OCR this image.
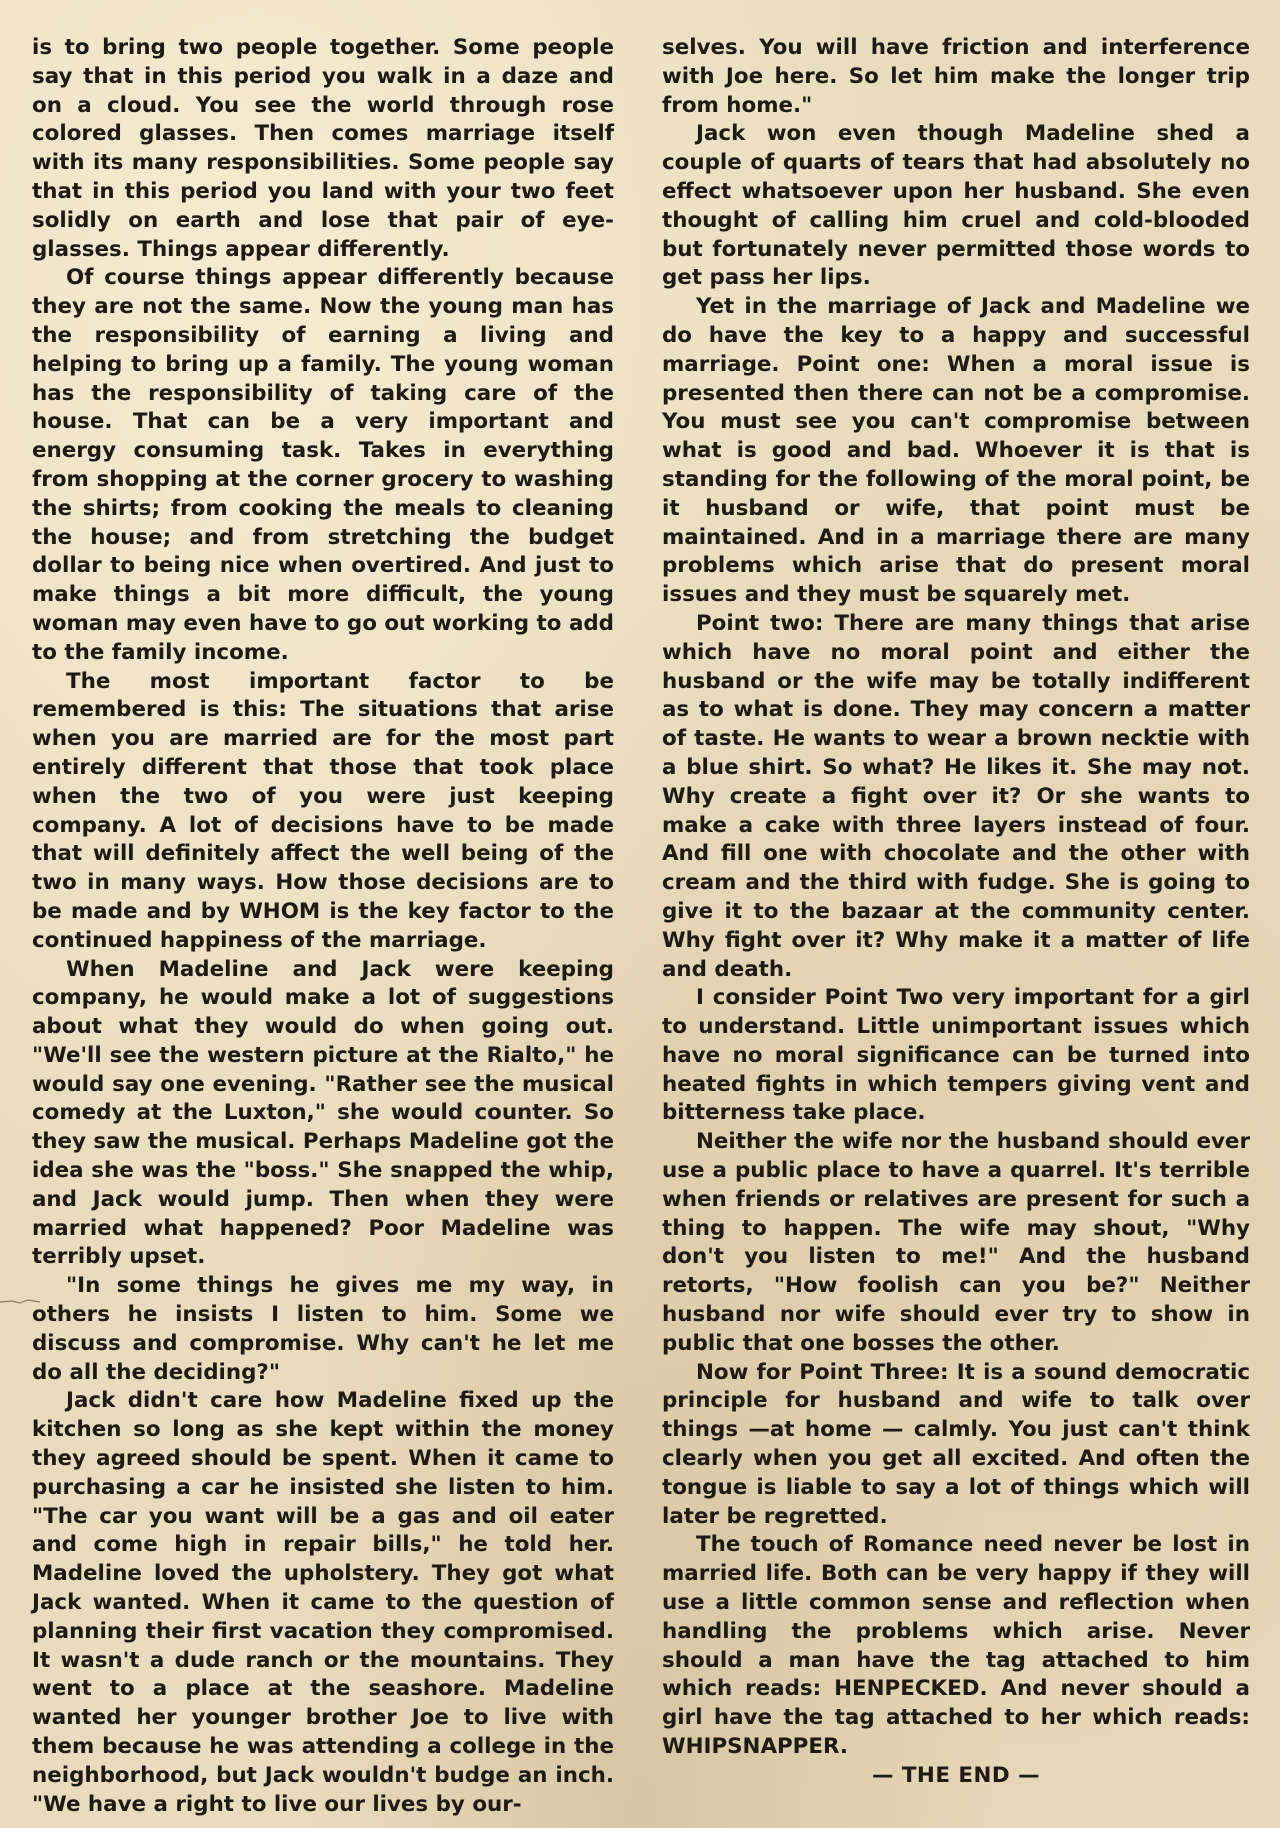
is to bring two people together. Some people say that in this period you walk in a daze and on a cloud. You see the world through rose colored glasses. Then comes marriage itself with its many responsibilities. Some people say that in this period you land with your two feet solidly on earth and lose that pair of eye-glasses. Things appear differently.

Of course things appear differently because they are not the same. Now the young man has the responsibility of earning a living and helping to bring up a family. The young woman has the responsibility of taking care of the house. That can be a very important and energy consuming task. Takes in everything from shopping at the corner grocery to washing the shirts; from cooking the meals to cleaning the house; and from stretching the budget dollar to being nice when overtired. And just to make things a bit more difficult, the young woman may even have to go out working to add to the family income.

The most important factor to be remembered is this: The situations that arise when you are married are for the most part entirely different that those that took place when the two of you were just keeping company. A lot of decisions have to be made that will definitely affect the well being of the two in many ways. How those decisions are to be made and by WHOM is the key factor to the continued happiness of the marriage.

When Madeline and Jack were keeping company, he would make a lot of suggestions about what they would do when going out. "We'll see the western picture at the Rialto," he would say one evening. "Rather see the musical comedy at the Luxton," she would counter. So they saw the musical. Perhaps Madeline got the idea she was the "boss." She snapped the whip, and Jack would jump. Then when they were married what happened? Poor Madeline was terribly upset.

"In some things he gives me my way, in others he insists I listen to him. Some we discuss and compromise. Why can't he let me do all the deciding?"

Jack didn't care how Madeline fixed up the kitchen so long as she kept within the money they agreed should be spent. When it came to purchasing a car he insisted she listen to him. "The car you want will be a gas and oil eater and come high in repair bills," he told her. Madeline loved the upholstery. They got what Jack wanted. When it came to the question of planning their first vacation they compromised. It wasn't a dude ranch or the mountains. They went to a place at the seashore. Madeline wanted her younger brother Joe to live with them because he was attending a college in the neighborhood, but Jack wouldn't budge an inch. "We have a right to live our lives by our-

selves. You will have friction and interference with Joe here. So let him make the longer trip from home."

Jack won even though Madeline shed a couple of quarts of tears that had absolutely no effect whatsoever upon her husband. She even thought of calling him cruel and cold-blooded but fortunately never permitted those words to get pass her lips.

Yet in the marriage of Jack and Madeline we do have the key to a happy and successful marriage. Point one: When a moral issue is presented then there can not be a compromise. You must see you can't compromise between what is good and bad. Whoever it is that is standing for the following of the moral point, be it husband or wife, that point must be maintained. And in a marriage there are many problems which arise that do present moral issues and they must be squarely met.

Point two: There are many things that arise which have no moral point and either the husband or the wife may be totally indifferent as to what is done. They may concern a matter of taste. He wants to wear a brown necktie with a blue shirt. So what? He likes it. She may not. Why create a fight over it? Or she wants to make a cake with three layers instead of four. And fill one with chocolate and the other with cream and the third with fudge. She is going to give it to the bazaar at the community center. Why fight over it? Why make it a matter of life and death.

I consider Point Two very important for a girl to understand. Little unimportant issues which have no moral significance can be turned into heated fights in which tempers giving vent and bitterness take place.

Neither the wife nor the husband should ever use a public place to have a quarrel. It's terrible when friends or relatives are present for such a thing to happen. The wife may shout, "Why don't you listen to me!" And the husband retorts, "How foolish can you be?" Neither husband nor wife should ever try to show in public that one bosses the other.

Now for Point Three: It is a sound democratic principle for husband and wife to talk over things —at home — calmly. You just can't think clearly when you get all excited. And often the tongue is liable to say a lot of things which will later be regretted.

The touch of Romance need never be lost in married life. Both can be very happy if they will use a little common sense and reflection when handling the problems which arise. Never should a man have the tag attached to him which reads: HENPECKED. And never should a girl have the tag attached to her which reads: WHIPSNAPPER.

— THE END —
